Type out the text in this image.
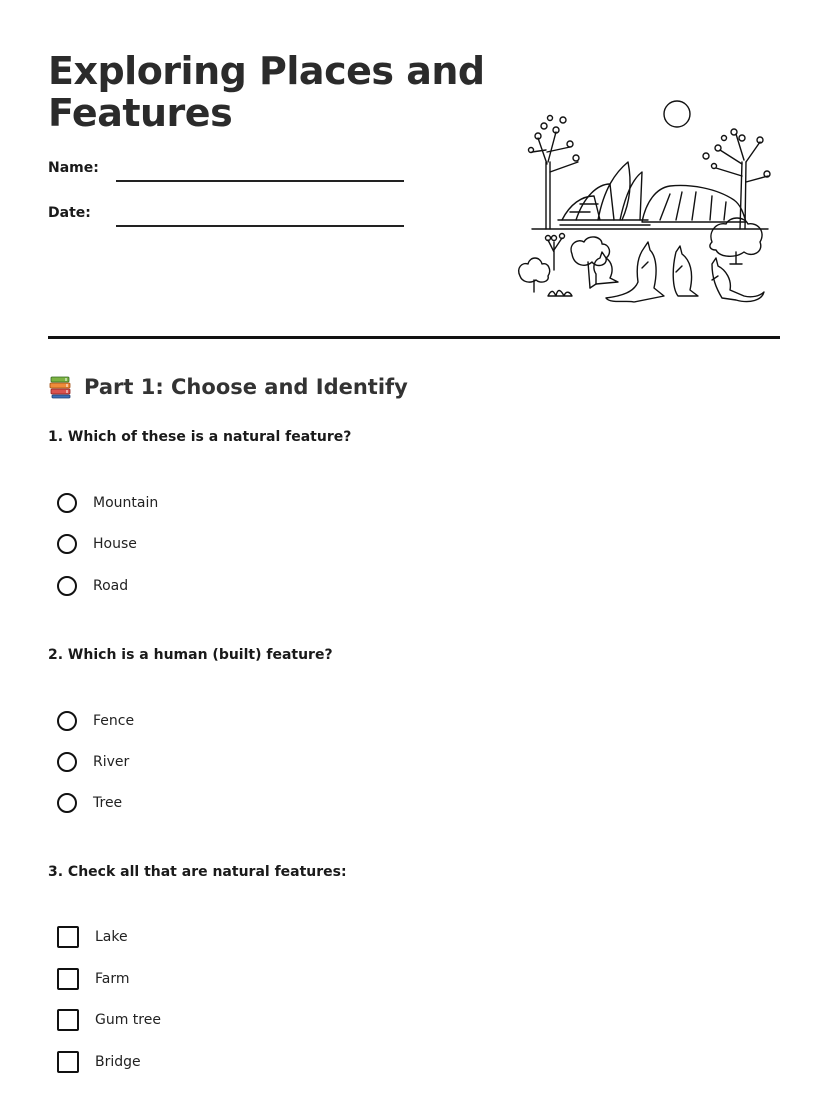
Exploring Places and
Features
Name:
Date:
Part 1: Choose and Identify
1. Which of these is a natural feature?
Mountain
House
Road
2. Which is a human (built) feature?
Fence
River
Tree
3. Check all that are natural features:
Lake
Farm
Gum tree
Bridge
